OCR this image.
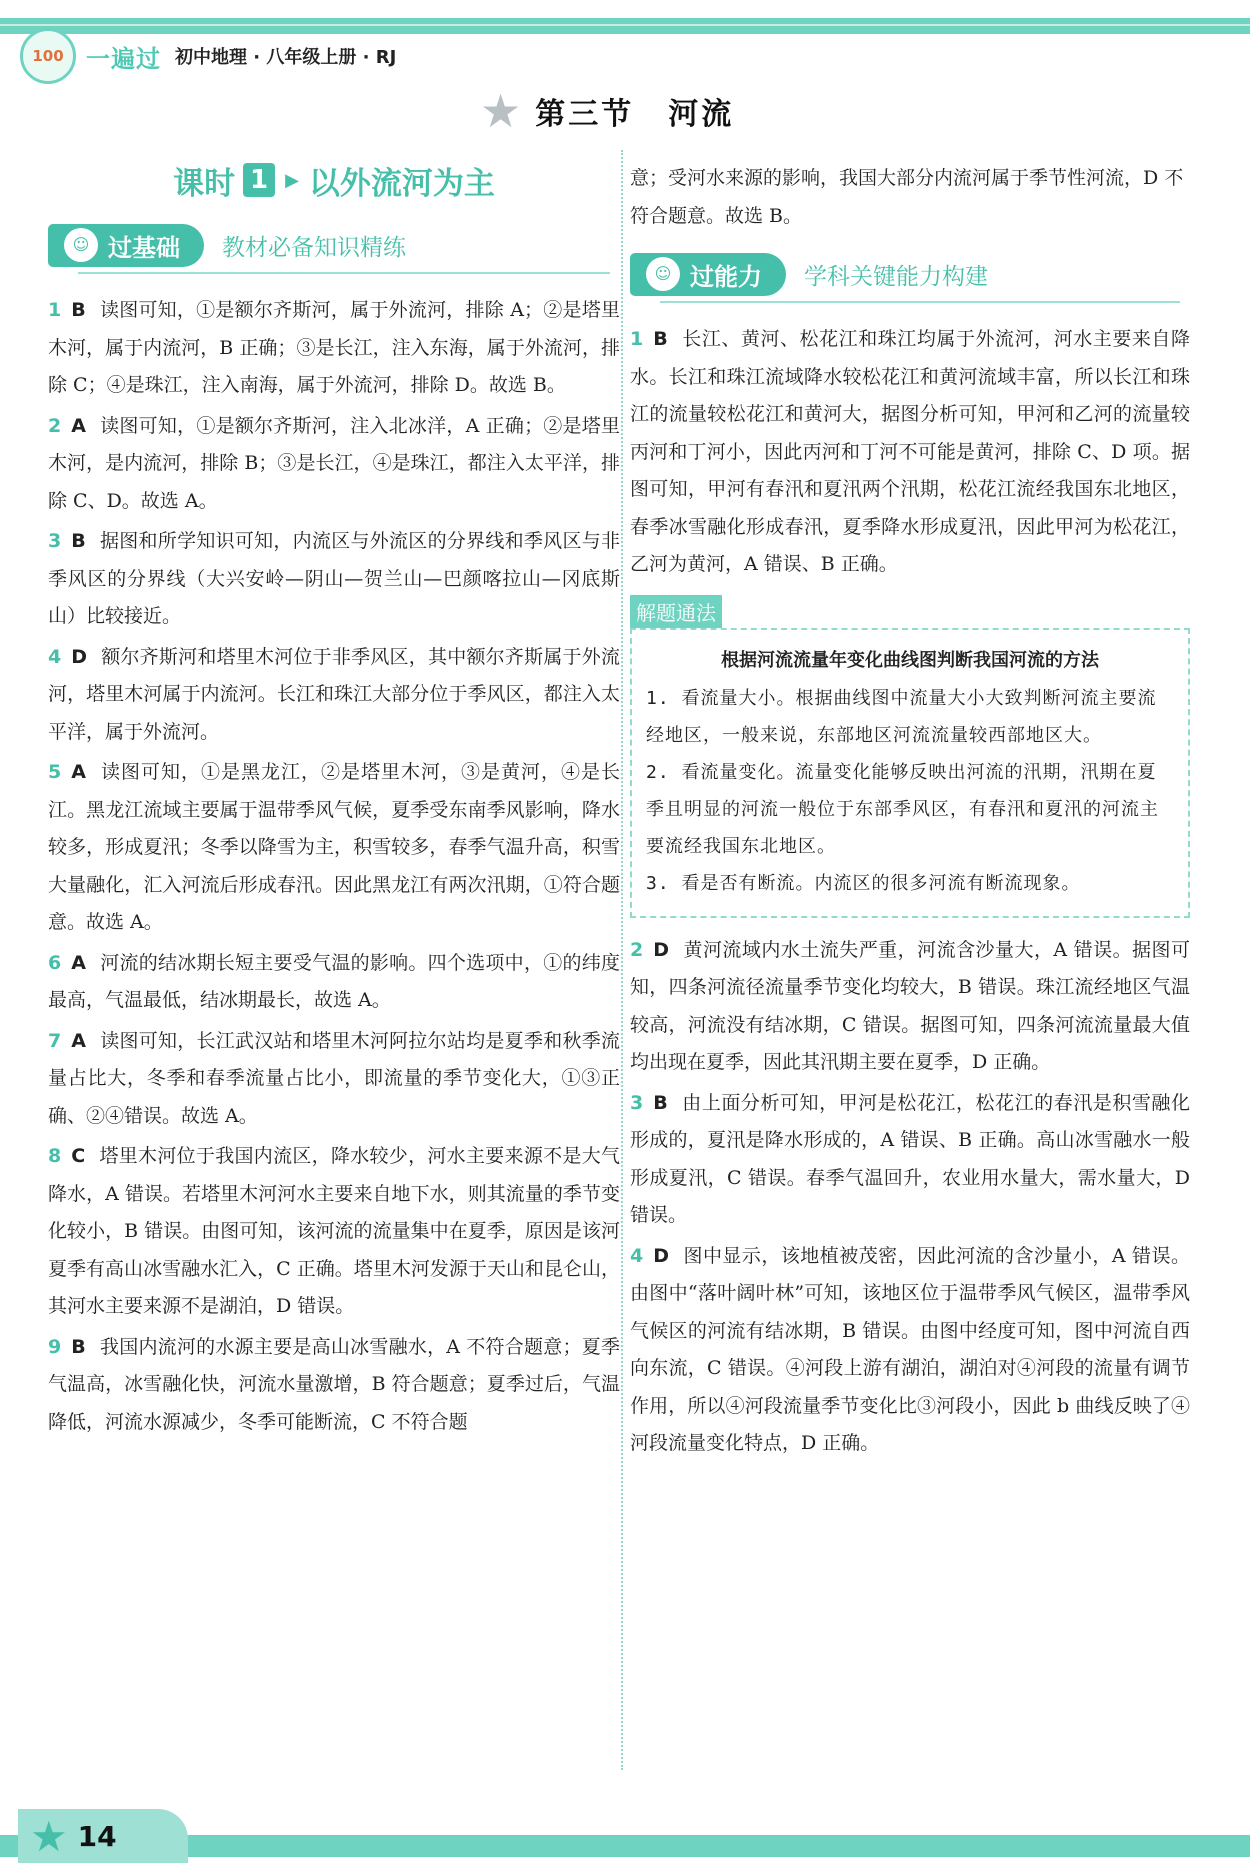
100 一遍过 初中地理 · 八年级上册 · RJ
★ 第三节 河流
课时 1 ▶ 以外流河为主
☺ 过基础 教材必备知识精练

1 B 读图可知，①是额尔齐斯河，属于外流河，排除 A；②是塔里木河，属于内流河，B 正确；③是长江，注入东海，属于外流河，排除 C；④是珠江，注入南海，属于外流河，排除 D。故选 B。

2 A 读图可知，①是额尔齐斯河，注入北冰洋，A 正确；②是塔里木河，是内流河，排除 B；③是长江，④是珠江，都注入太平洋，排除 C、D。故选 A。

3 B 据图和所学知识可知，内流区与外流区的分界线和季风区与非季风区的分界线（大兴安岭—阴山—贺兰山—巴颜喀拉山—冈底斯山）比较接近。

4 D 额尔齐斯河和塔里木河位于非季风区，其中额尔齐斯属于外流河，塔里木河属于内流河。长江和珠江大部分位于季风区，都注入太平洋，属于外流河。

5 A 读图可知，①是黑龙江，②是塔里木河，③是黄河，④是长江。黑龙江流域主要属于温带季风气候，夏季受东南季风影响，降水较多，形成夏汛；冬季以降雪为主，积雪较多，春季气温升高，积雪大量融化，汇入河流后形成春汛。因此黑龙江有两次汛期，①符合题意。故选 A。

6 A 河流的结冰期长短主要受气温的影响。四个选项中，①的纬度最高，气温最低，结冰期最长，故选 A。

7 A 读图可知，长江武汉站和塔里木河阿拉尔站均是夏季和秋季流量占比大，冬季和春季流量占比小，即流量的季节变化大，①③正确、②④错误。故选 A。

8 C 塔里木河位于我国内流区，降水较少，河水主要来源不是大气降水，A 错误。若塔里木河河水主要来自地下水，则其流量的季节变化较小，B 错误。由图可知，该河流的流量集中在夏季，原因是该河夏季有高山冰雪融水汇入，C 正确。塔里木河发源于天山和昆仑山，其河水主要来源不是湖泊，D 错误。

9 B 我国内流河的水源主要是高山冰雪融水，A 不符合题意；夏季气温高，冰雪融化快，河流水量激增，B 符合题意；夏季过后，气温降低，河流水源减少，冬季可能断流，C 不符合题

意；受河水来源的影响，我国大部分内流河属于季节性河流，D 不符合题意。故选 B。

☺ 过能力 学科关键能力构建

1 B 长江、黄河、松花江和珠江均属于外流河，河水主要来自降水。长江和珠江流域降水较松花江和黄河流域丰富，所以长江和珠江的流量较松花江和黄河大，据图分析可知，甲河和乙河的流量较丙河和丁河小，因此丙河和丁河不可能是黄河，排除 C、D 项。据图可知，甲河有春汛和夏汛两个汛期，松花江流经我国东北地区，春季冰雪融化形成春汛，夏季降水形成夏汛，因此甲河为松花江，乙河为黄河，A 错误、B 正确。

解题通法
根据河流流量年变化曲线图判断我国河流的方法

1. 看流量大小。根据曲线图中流量大小大致判断河流主要流经地区，一般来说，东部地区河流流量较西部地区大。

2. 看流量变化。流量变化能够反映出河流的汛期，汛期在夏季且明显的河流一般位于东部季风区，有春汛和夏汛的河流主要流经我国东北地区。

3. 看是否有断流。内流区的很多河流有断流现象。

2 D 黄河流域内水土流失严重，河流含沙量大，A 错误。据图可知，四条河流径流量季节变化均较大，B 错误。珠江流经地区气温较高，河流没有结冰期，C 错误。据图可知，四条河流流量最大值均出现在夏季，因此其汛期主要在夏季，D 正确。

3 B 由上面分析可知，甲河是松花江，松花江的春汛是积雪融化形成的，夏汛是降水形成的，A 错误、B 正确。高山冰雪融水一般形成夏汛，C 错误。春季气温回升，农业用水量大，需水量大，D 错误。

4 D 图中显示，该地植被茂密，因此河流的含沙量小，A 错误。由图中“落叶阔叶林”可知，该地区位于温带季风气候区，温带季风气候区的河流有结冰期，B 错误。由图中经度可知，图中河流自西向东流，C 错误。④河段上游有湖泊，湖泊对④河段的流量有调节作用，所以④河段流量季节变化比③河段小，因此 b 曲线反映了④河段流量变化特点，D 正确。

★ 14
